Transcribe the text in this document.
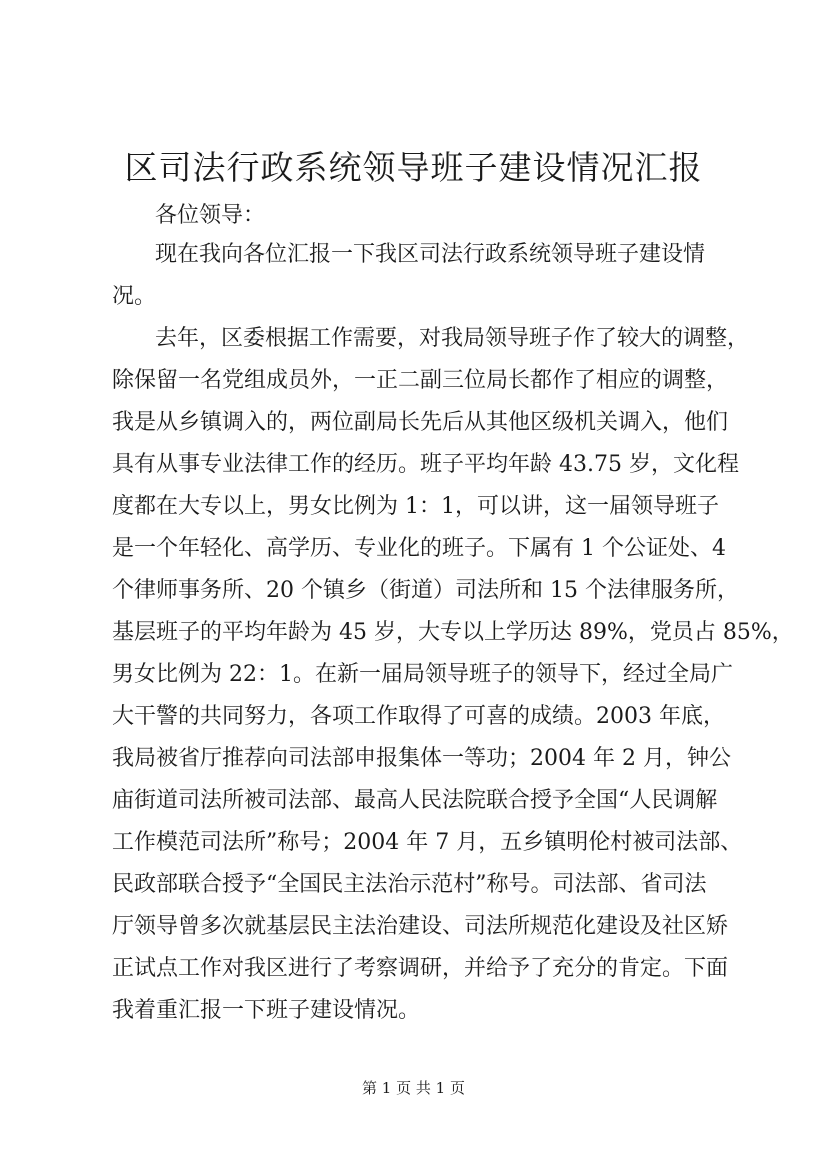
区司法行政系统领导班子建设情况汇报
各位领导：
现在我向各位汇报一下我区司法行政系统领导班子建设情
况。
去年，区委根据工作需要，对我局领导班子作了较大的调整，
除保留一名党组成员外，一正二副三位局长都作了相应的调整，
我是从乡镇调入的，两位副局长先后从其他区级机关调入，他们
具有从事专业法律工作的经历。班子平均年龄 43.75 岁，文化程
度都在大专以上，男女比例为 1：1，可以讲，这一届领导班子
是一个年轻化、高学历、专业化的班子。下属有 1 个公证处、4
个律师事务所、20 个镇乡（街道）司法所和 15 个法律服务所，
基层班子的平均年龄为 45 岁，大专以上学历达 89%，党员占 85%，
男女比例为 22：1。在新一届局领导班子的领导下，经过全局广
大干警的共同努力，各项工作取得了可喜的成绩。2003 年底，
我局被省厅推荐向司法部申报集体一等功；2004 年 2 月，钟公
庙街道司法所被司法部、最高人民法院联合授予全国“人民调解
工作模范司法所”称号；2004 年 7 月，五乡镇明伦村被司法部、
民政部联合授予“全国民主法治示范村”称号。司法部、省司法
厅领导曾多次就基层民主法治建设、司法所规范化建设及社区矫
正试点工作对我区进行了考察调研，并给予了充分的肯定。下面
我着重汇报一下班子建设情况。
第 1 页 共 1 页
